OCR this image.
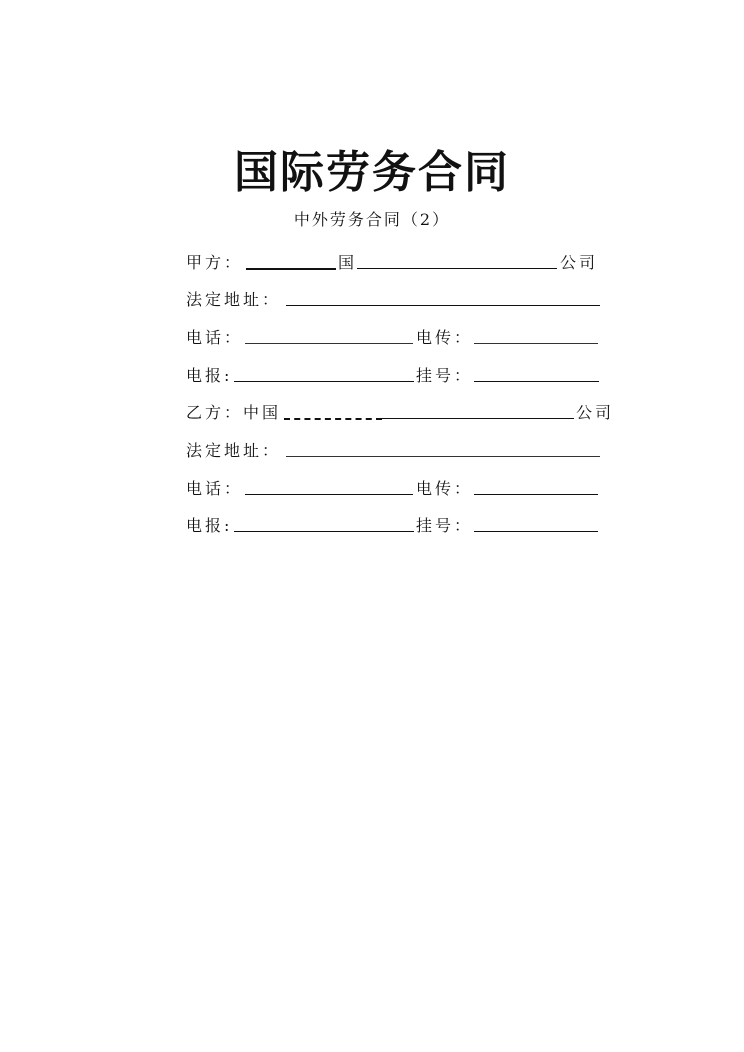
国际劳务合同
中外劳务合同（2）
甲方：	国	公司
法定地址：
电话：	电传：
电报:	挂号：
乙方：中国	公司
法定地址：
电话：	电传：
电报:	挂号：
